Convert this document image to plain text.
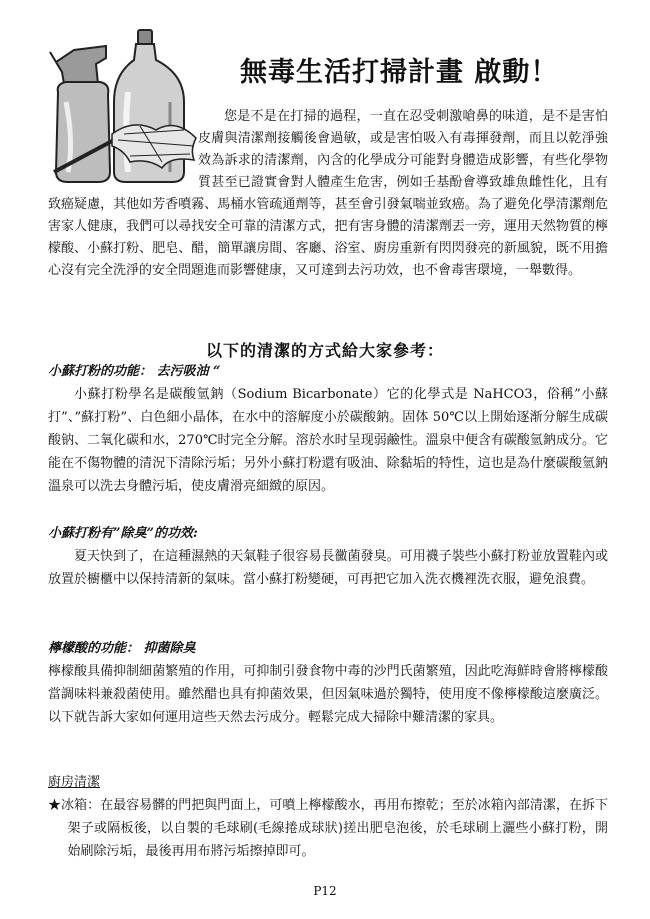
無毒生活打掃計畫 啟動！

您是不是在打掃的過程，一直在忍受刺激嗆鼻的味道，是不是害怕皮膚與清潔劑接觸後會過敏，或是害怕吸入有毒揮發劑，而且以乾淨強效為訴求的清潔劑，內含的化學成分可能對身體造成影響，有些化學物質甚至已證實會對人體產生危害，例如壬基酚會導致雄魚雌性化，且有致癌疑慮，其他如芳香噴霧、馬桶水管疏通劑等，甚至會引發氣喘並致癌。為了避免化學清潔劑危害家人健康，我們可以尋找安全可靠的清潔方式，把有害身體的清潔劑丟一旁，運用天然物質的檸檬酸、小蘇打粉、肥皂、醋，簡單讓房間、客廳、浴室、廚房重新有閃閃發亮的新風貌，既不用擔心沒有完全洗淨的安全問題進而影響健康，又可達到去污功效，也不會毒害環境，一舉數得。

以下的清潔的方式給大家參考：
小蘇打粉的功能： 去污吸油 “
小蘇打粉學名是碳酸氫鈉（Sodium Bicarbonate）它的化學式是 NaHCO3，俗稱”小蘇打”、”蘇打粉”、白色細小晶体，在水中的溶解度小於碳酸鈉。固体 50℃以上開始逐渐分解生成碳酸钠、二氧化碳和水，270℃时完全分解。溶於水时呈现弱鹼性。溫泉中便含有碳酸氫鈉成分。它能在不傷物體的清況下清除污垢；另外小蘇打粉還有吸油、除黏垢的特性，這也是為什麼碳酸氫鈉溫泉可以洗去身體污垢，使皮膚滑亮細緻的原因。
小蘇打粉有”除臭”的功效:
夏天快到了，在這種濕熱的天氣鞋子很容易長黴菌發臭。可用襪子裝些小蘇打粉並放置鞋內或放置於櫥櫃中以保持清新的氣味。當小蘇打粉變硬，可再把它加入洗衣機裡洗衣服，避免浪費。
檸檬酸的功能： 抑菌除臭
檸檬酸具備抑制細菌繁殖的作用，可抑制引發食物中毒的沙門氏菌繁殖，因此吃海鮮時會將檸檬酸當調味料兼殺菌使用。雖然醋也具有抑菌效果，但因氣味過於獨特，使用度不像檸檬酸這麼廣泛。以下就告訴大家如何運用這些天然去污成分。輕鬆完成大掃除中難清潔的家具。
廚房清潔
★冰箱：在最容易髒的門把與門面上，可噴上檸檬酸水，再用布擦乾；至於冰箱內部清潔，在拆下架子或隔板後，以自製的毛球刷(毛線捲成球狀)搓出肥皂泡後，於毛球刷上灑些小蘇打粉，開始刷除污垢，最後再用布將污垢擦掉即可。
P12
